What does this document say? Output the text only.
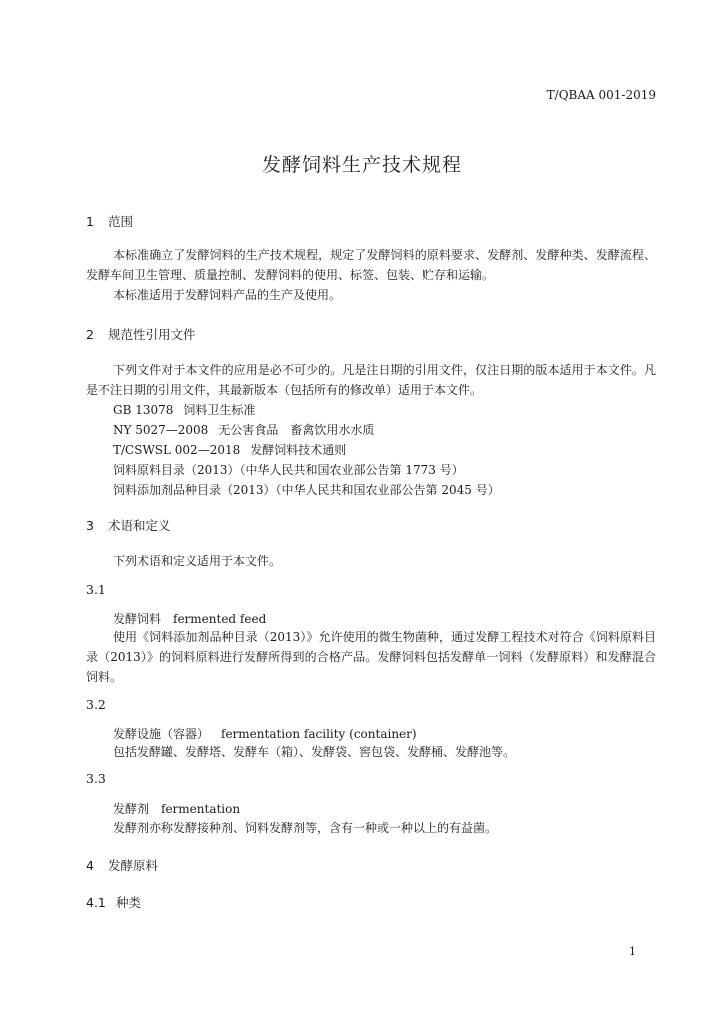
T/QBAA 001-2019
发酵饲料生产技术规程
1 范围
本标准确立了发酵饲料的生产技术规程，规定了发酵饲料的原料要求、发酵剂、发酵种类、发酵流程、发酵车间卫生管理、质量控制、发酵饲料的使用、标签、包装、贮存和运输。
本标准适用于发酵饲料产品的生产及使用。
2 规范性引用文件
下列文件对于本文件的应用是必不可少的。凡是注日期的引用文件，仅注日期的版本适用于本文件。凡是不注日期的引用文件，其最新版本（包括所有的修改单）适用于本文件。
GB 13078 饲料卫生标准
NY 5027—2008 无公害食品　畜禽饮用水水质
T/CSWSL 002—2018 发酵饲料技术通则
饲料原料目录（2013）（中华人民共和国农业部公告第 1773 号）
饲料添加剂品种目录（2013）（中华人民共和国农业部公告第 2045 号）
3 术语和定义
下列术语和定义适用于本文件。
3.1
发酵饲料 fermented feed
使用《饲料添加剂品种目录（2013）》允许使用的微生物菌种，通过发酵工程技术对符合《饲料原料目录（2013）》的饲料原料进行发酵所得到的合格产品。发酵饲料包括发酵单一饲料（发酵原料）和发酵混合饲料。
3.2
发酵设施（容器） fermentation facility (container)
包括发酵罐、发酵塔、发酵车（箱）、发酵袋、窖包袋、发酵桶、发酵池等。
3.3
发酵剂 fermentation
发酵剂亦称发酵接种剂、饲料发酵剂等，含有一种或一种以上的有益菌。
4 发酵原料
4.1 种类
1
